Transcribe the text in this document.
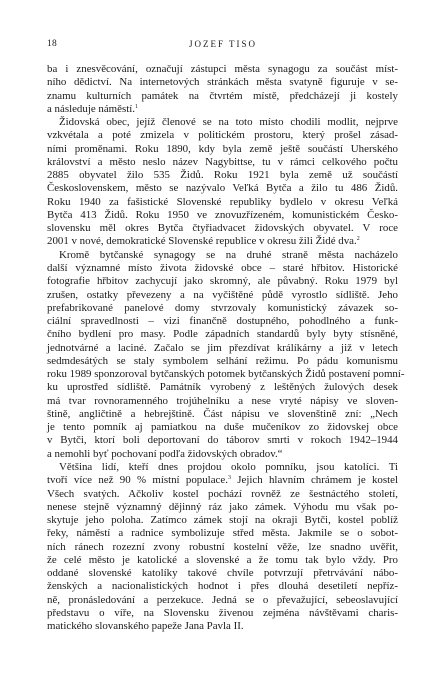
18	JOZEF TISO
ba i znesvěcování, označují zástupci města synagogu za součást míst-
ního dědictví. Na internetových stránkách města svatyně figuruje v se-
znamu kulturních památek na čtvrtém místě, předcházejí ji kostely
a následuje náměstí.$^1$
Židovská obec, jejíž členové se na toto místo chodili modlit, nejprve
vzkvétala a poté zmizela v politickém prostoru, který prošel zásad-
ními proměnami. Roku 1890, kdy byla země ještě součástí Uherského
království a město neslo název Nagybittse, tu v rámci celkového počtu
2885 obyvatel žilo 535 Židů. Roku 1921 byla země už součástí
Československem, město se nazývalo Veľká Bytča a žilo tu 486 Židů.
Roku 1940 za fašistické Slovenské republiky bydlelo v okresu Veľká
Bytča 413 Židů. Roku 1950 ve znovuzřízeném, komunistickém Česko-
slovensku měl okres Bytča čtyřiadvacet židovských obyvatel. V roce
2001 v nové, demokratické Slovenské republice v okresu žili Židé dva.$^2$
Kromě bytčanské synagogy se na druhé straně města nacházelo
další významné místo života židovské obce – staré hřbitov. Historické
fotografie hřbitov zachycují jako skromný, ale půvabný. Roku 1979 byl
zrušen, ostatky převezeny a na vyčištěné půdě vyrostlo sídliště. Jeho
prefabrikované panelové domy stvrzovaly komunistický závazek so-
ciální spravedlnosti – vizi finančně dostupného, pohodlného a funk-
čního bydlení pro masy. Podle západních standardů byly byty stísněné,
jednotvárné a laciné. Začalo se jim přezdívat králíkárny a již v letech
sedmdesátých se staly symbolem selhání režimu. Po pádu komunismu
roku 1989 sponzoroval bytčanských potomek bytčanských Židů postavení pomní-
ku uprostřed sídliště. Památník vyrobený z leštěných žulových desek
má tvar rovnoramenného trojúhelníku a nese vryté nápisy ve sloven-
štině, angličtině a hebrejštině. Část nápisu ve slovenštině zní: „Nech
je tento pomník aj pamiatkou na duše mučeníkov zo židovskej obce
v Bytči, ktorí boli deportovaní do táborov smrti v rokoch 1942–1944
a nemohli byť pochovaní podľa židovských obradov.“
Většina lidí, kteří dnes projdou okolo pomníku, jsou katolíci. Ti
tvoří více než 90 % místní populace.$^3$ Jejich hlavním chrámem je kostel
Všech svatých. Ačkoliv kostel pochází rovněž ze šestnáctého století,
nenese stejně významný dějinný ráz jako zámek. Výhodu mu však po-
skytuje jeho poloha. Zatímco zámek stojí na okraji Bytči, kostel poblíž
řeky, náměstí a radnice symbolizuje střed města. Jakmile se o sobot-
ních ránech rozezní zvony robustní kostelní věže, lze snadno uvěřit,
že celé město je katolické a slovenské a že tomu tak bylo vždy. Pro
oddané slovenské katolíky takové chvíle potvrzují přetrvávání nábo-
ženských a nacionalistických hodnot i přes dlouhá desetiletí nepříz-
ně, pronásledování a perzekuce. Jedná se o převažující, sebeoslavující
představu o víře, na Slovensku živenou zejména návštěvami charis-
matického slovanského papeže Jana Pavla II.
